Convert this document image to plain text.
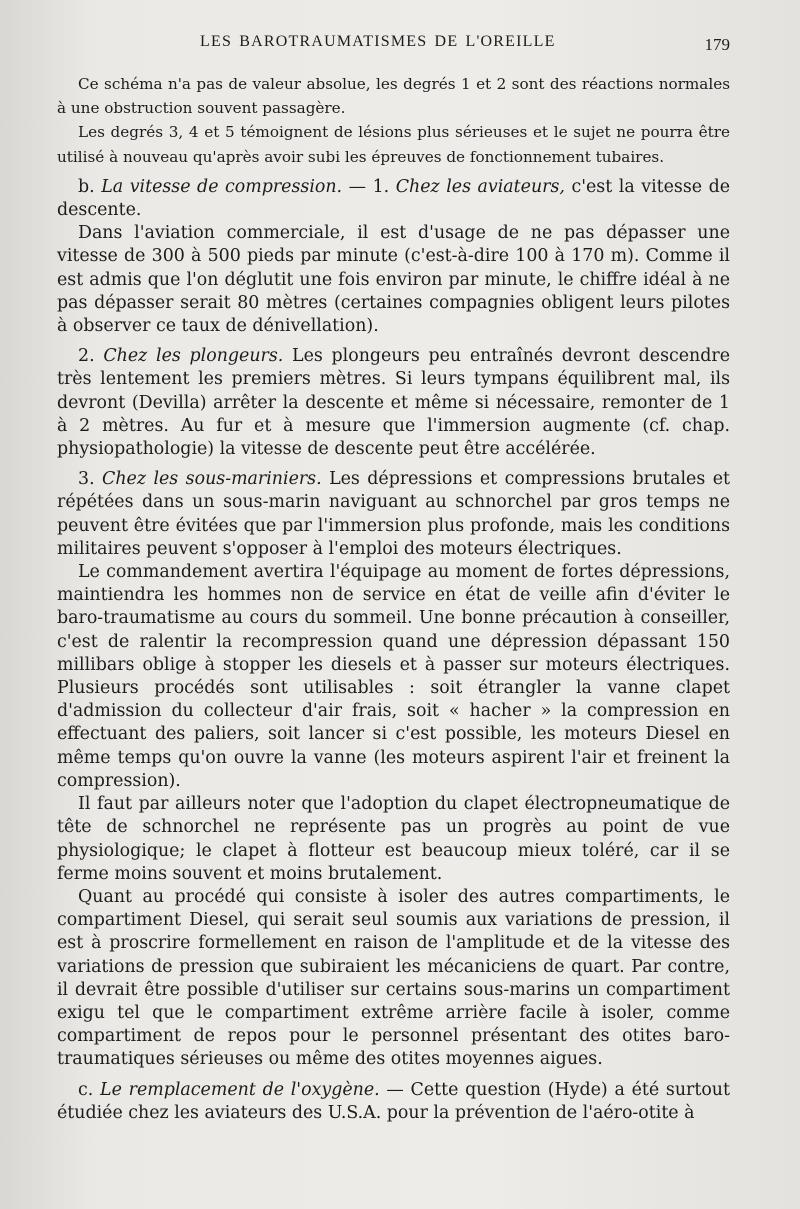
LES BAROTRAUMATISMES DE L'OREILLE	179

Ce schéma n'a pas de valeur absolue, les degrés 1 et 2 sont des réactions normales à une obstruction souvent passagère.

Les degrés 3, 4 et 5 témoignent de lésions plus sérieuses et le sujet ne pourra être utilisé à nouveau qu'après avoir subi les épreuves de fonctionnement tubaires.

b. La vitesse de compression. — 1. Chez les aviateurs, c'est la vitesse de descente.

Dans l'aviation commerciale, il est d'usage de ne pas dépasser une vitesse de 300 à 500 pieds par minute (c'est-à-dire 100 à 170 m). Comme il est admis que l'on déglutit une fois environ par minute, le chiffre idéal à ne pas dépasser serait 80 mètres (certaines compagnies obligent leurs pilotes à observer ce taux de dénivellation).

2. Chez les plongeurs. Les plongeurs peu entraînés devront descendre très lentement les premiers mètres. Si leurs tympans équilibrent mal, ils devront (Devilla) arrêter la descente et même si nécessaire, remonter de 1 à 2 mètres. Au fur et à mesure que l'immersion augmente (cf. chap. physiopathologie) la vitesse de descente peut être accélérée.

3. Chez les sous-mariniers. Les dépressions et compressions brutales et répétées dans un sous-marin naviguant au schnorchel par gros temps ne peuvent être évitées que par l'immersion plus profonde, mais les conditions militaires peuvent s'opposer à l'emploi des moteurs électriques.

Le commandement avertira l'équipage au moment de fortes dépressions, maintiendra les hommes non de service en état de veille afin d'éviter le baro-traumatisme au cours du sommeil. Une bonne précaution à conseiller, c'est de ralentir la recompression quand une dépression dépassant 150 millibars oblige à stopper les diesels et à passer sur moteurs électriques. Plusieurs procédés sont utilisables : soit étrangler la vanne clapet d'admission du collecteur d'air frais, soit « hacher » la compression en effectuant des paliers, soit lancer si c'est possible, les moteurs Diesel en même temps qu'on ouvre la vanne (les moteurs aspirent l'air et freinent la compression).

Il faut par ailleurs noter que l'adoption du clapet électropneumatique de tête de schnorchel ne représente pas un progrès au point de vue physiologique; le clapet à flotteur est beaucoup mieux toléré, car il se ferme moins souvent et moins brutalement.

Quant au procédé qui consiste à isoler des autres compartiments, le compartiment Diesel, qui serait seul soumis aux variations de pression, il est à proscrire formellement en raison de l'amplitude et de la vitesse des variations de pression que subiraient les mécaniciens de quart. Par contre, il devrait être possible d'utiliser sur certains sous-marins un compartiment exigu tel que le compartiment extrême arrière facile à isoler, comme compartiment de repos pour le personnel présentant des otites baro-traumatiques sérieuses ou même des otites moyennes aigues.

c. Le remplacement de l'oxygène. — Cette question (Hyde) a été surtout étudiée chez les aviateurs des U.S.A. pour la prévention de l'aéro-otite à
